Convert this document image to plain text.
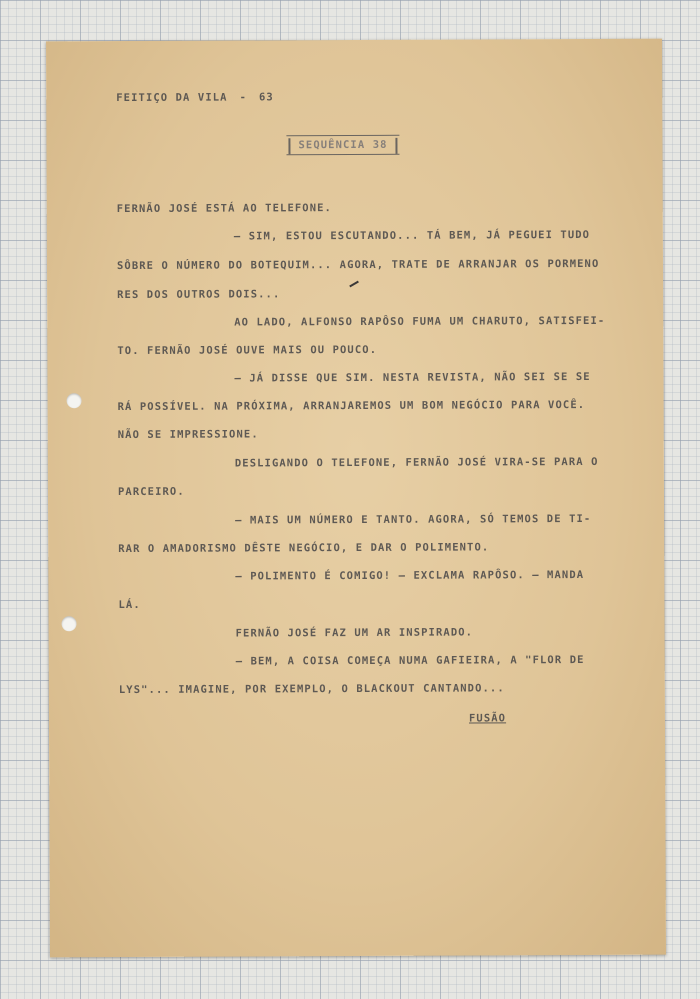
FEITIÇO DA VILA - 63
SEQUÊNCIA 38
FERNÃO JOSÉ ESTÁ AO TELEFONE.
— SIM, ESTOU ESCUTANDO... TÁ BEM, JÁ PEGUEI TUDO
SÔBRE O NÚMERO DO BOTEQUIM... AGORA, TRATE DE ARRANJAR OS PORMENO
RES DOS OUTROS DOIS...
AO LADO, ALFONSO RAPÔSO FUMA UM CHARUTO, SATISFEI-
TO. FERNÃO JOSÉ OUVE MAIS OU POUCO.
— JÁ DISSE QUE SIM. NESTA REVISTA, NÃO SEI SE SE
RÁ POSSÍVEL. NA PRÓXIMA, ARRANJAREMOS UM BOM NEGÓCIO PARA VOCÊ.
NÃO SE IMPRESSIONE.
DESLIGANDO O TELEFONE, FERNÃO JOSÉ VIRA-SE PARA O
PARCEIRO.
— MAIS UM NÚMERO E TANTO. AGORA, SÓ TEMOS DE TI-
RAR O AMADORISMO DÊSTE NEGÓCIO, E DAR O POLIMENTO.
— POLIMENTO É COMIGO! — EXCLAMA RAPÔSO. — MANDA
LÁ.
FERNÃO JOSÉ FAZ UM AR INSPIRADO.
— BEM, A COISA COMEÇA NUMA GAFIEIRA, A "FLOR DE
LYS"... IMAGINE, POR EXEMPLO, O BLACKOUT CANTANDO...
FUSÃO
